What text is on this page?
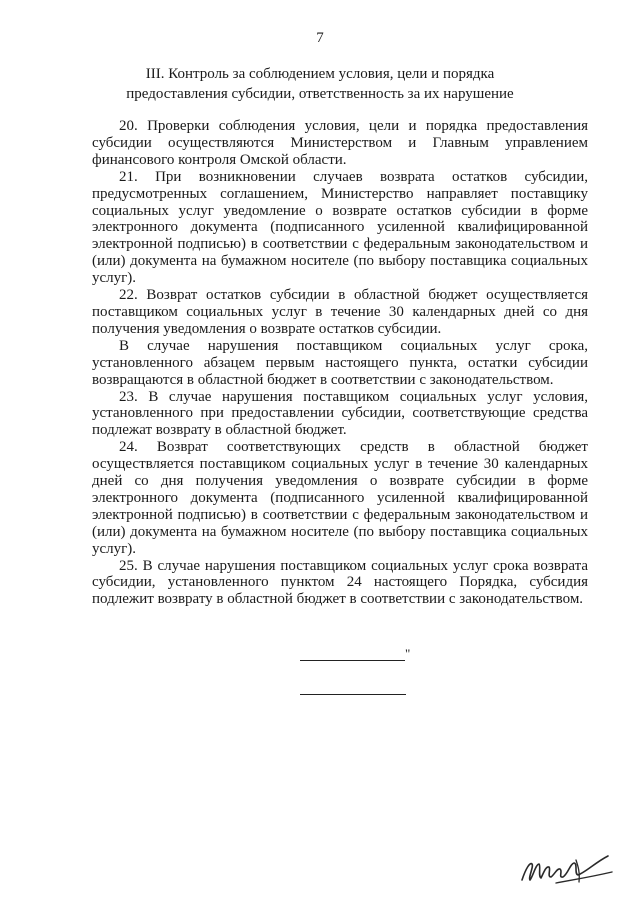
7
III. Контроль за соблюдением условия, цели и порядка
предоставления субсидии, ответственность за их нарушение

20. Проверки соблюдения условия, цели и порядка предоставления субсидии осуществляются Министерством и Главным управлением финансового контроля Омской области.

21. При возникновении случаев возврата остатков субсидии, предусмотренных соглашением, Министерство направляет поставщику социальных услуг уведомление о возврате остатков субсидии в форме электронного документа (подписанного усиленной квалифицированной электронной подписью) в соответствии с федеральным законодательством и (или) документа на бумажном носителе (по выбору поставщика социальных услуг).

22. Возврат остатков субсидии в областной бюджет осуществляется поставщиком социальных услуг в течение 30 календарных дней со дня получения уведомления о возврате остатков субсидии.

В случае нарушения поставщиком социальных услуг срока, установленного абзацем первым настоящего пункта, остатки субсидии возвращаются в областной бюджет в соответствии с законодательством.

23. В случае нарушения поставщиком социальных услуг условия, установленного при предоставлении субсидии, соответствующие средства подлежат возврату в областной бюджет.

24. Возврат соответствующих средств в областной бюджет осуществляется поставщиком социальных услуг в течение 30 календарных дней со дня получения уведомления о возврате субсидии в форме электронного документа (подписанного усиленной квалифицированной электронной подписью) в соответствии с федеральным законодательством и (или) документа на бумажном носителе (по выбору поставщика социальных услуг).

25. В случае нарушения поставщиком социальных услуг срока возврата субсидии, установленного пунктом 24 настоящего Порядка, субсидия подлежит возврату в областной бюджет в соответствии с законодательством.

"
